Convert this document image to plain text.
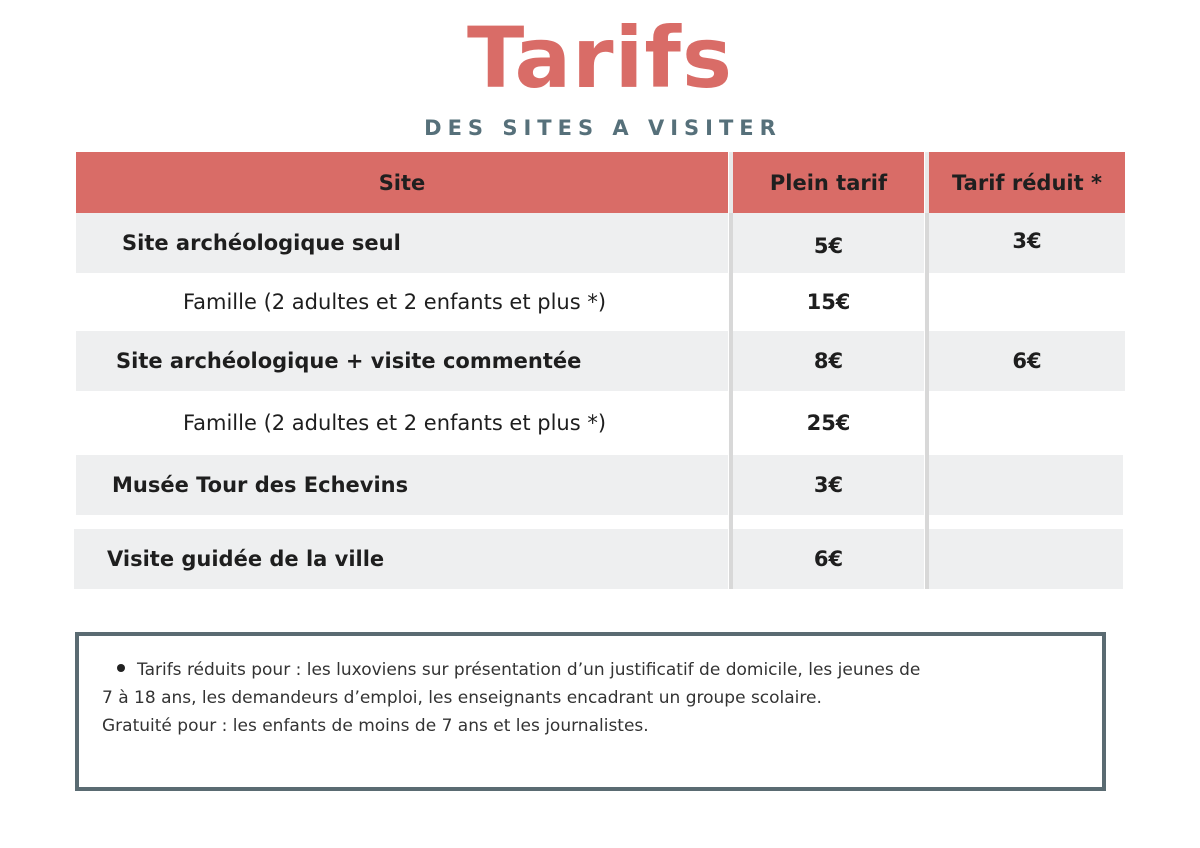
Tarifs
DES SITES A VISITER
Site	Plein tarif	Tarif réduit *
Site archéologique seul	5€	3€
Famille (2 adultes et 2 enfants et plus *)	15€
Site archéologique + visite commentée	8€	6€
Famille (2 adultes et 2 enfants et plus *)	25€
Musée Tour des Echevins	3€
Visite guidée de la ville	6€

Tarifs réduits pour : les luxoviens sur présentation d’un justificatif de domicile, les jeunes de

7 à 18 ans, les demandeurs d’emploi, les enseignants encadrant un groupe scolaire.

Gratuité pour : les enfants de moins de 7 ans et les journalistes.
